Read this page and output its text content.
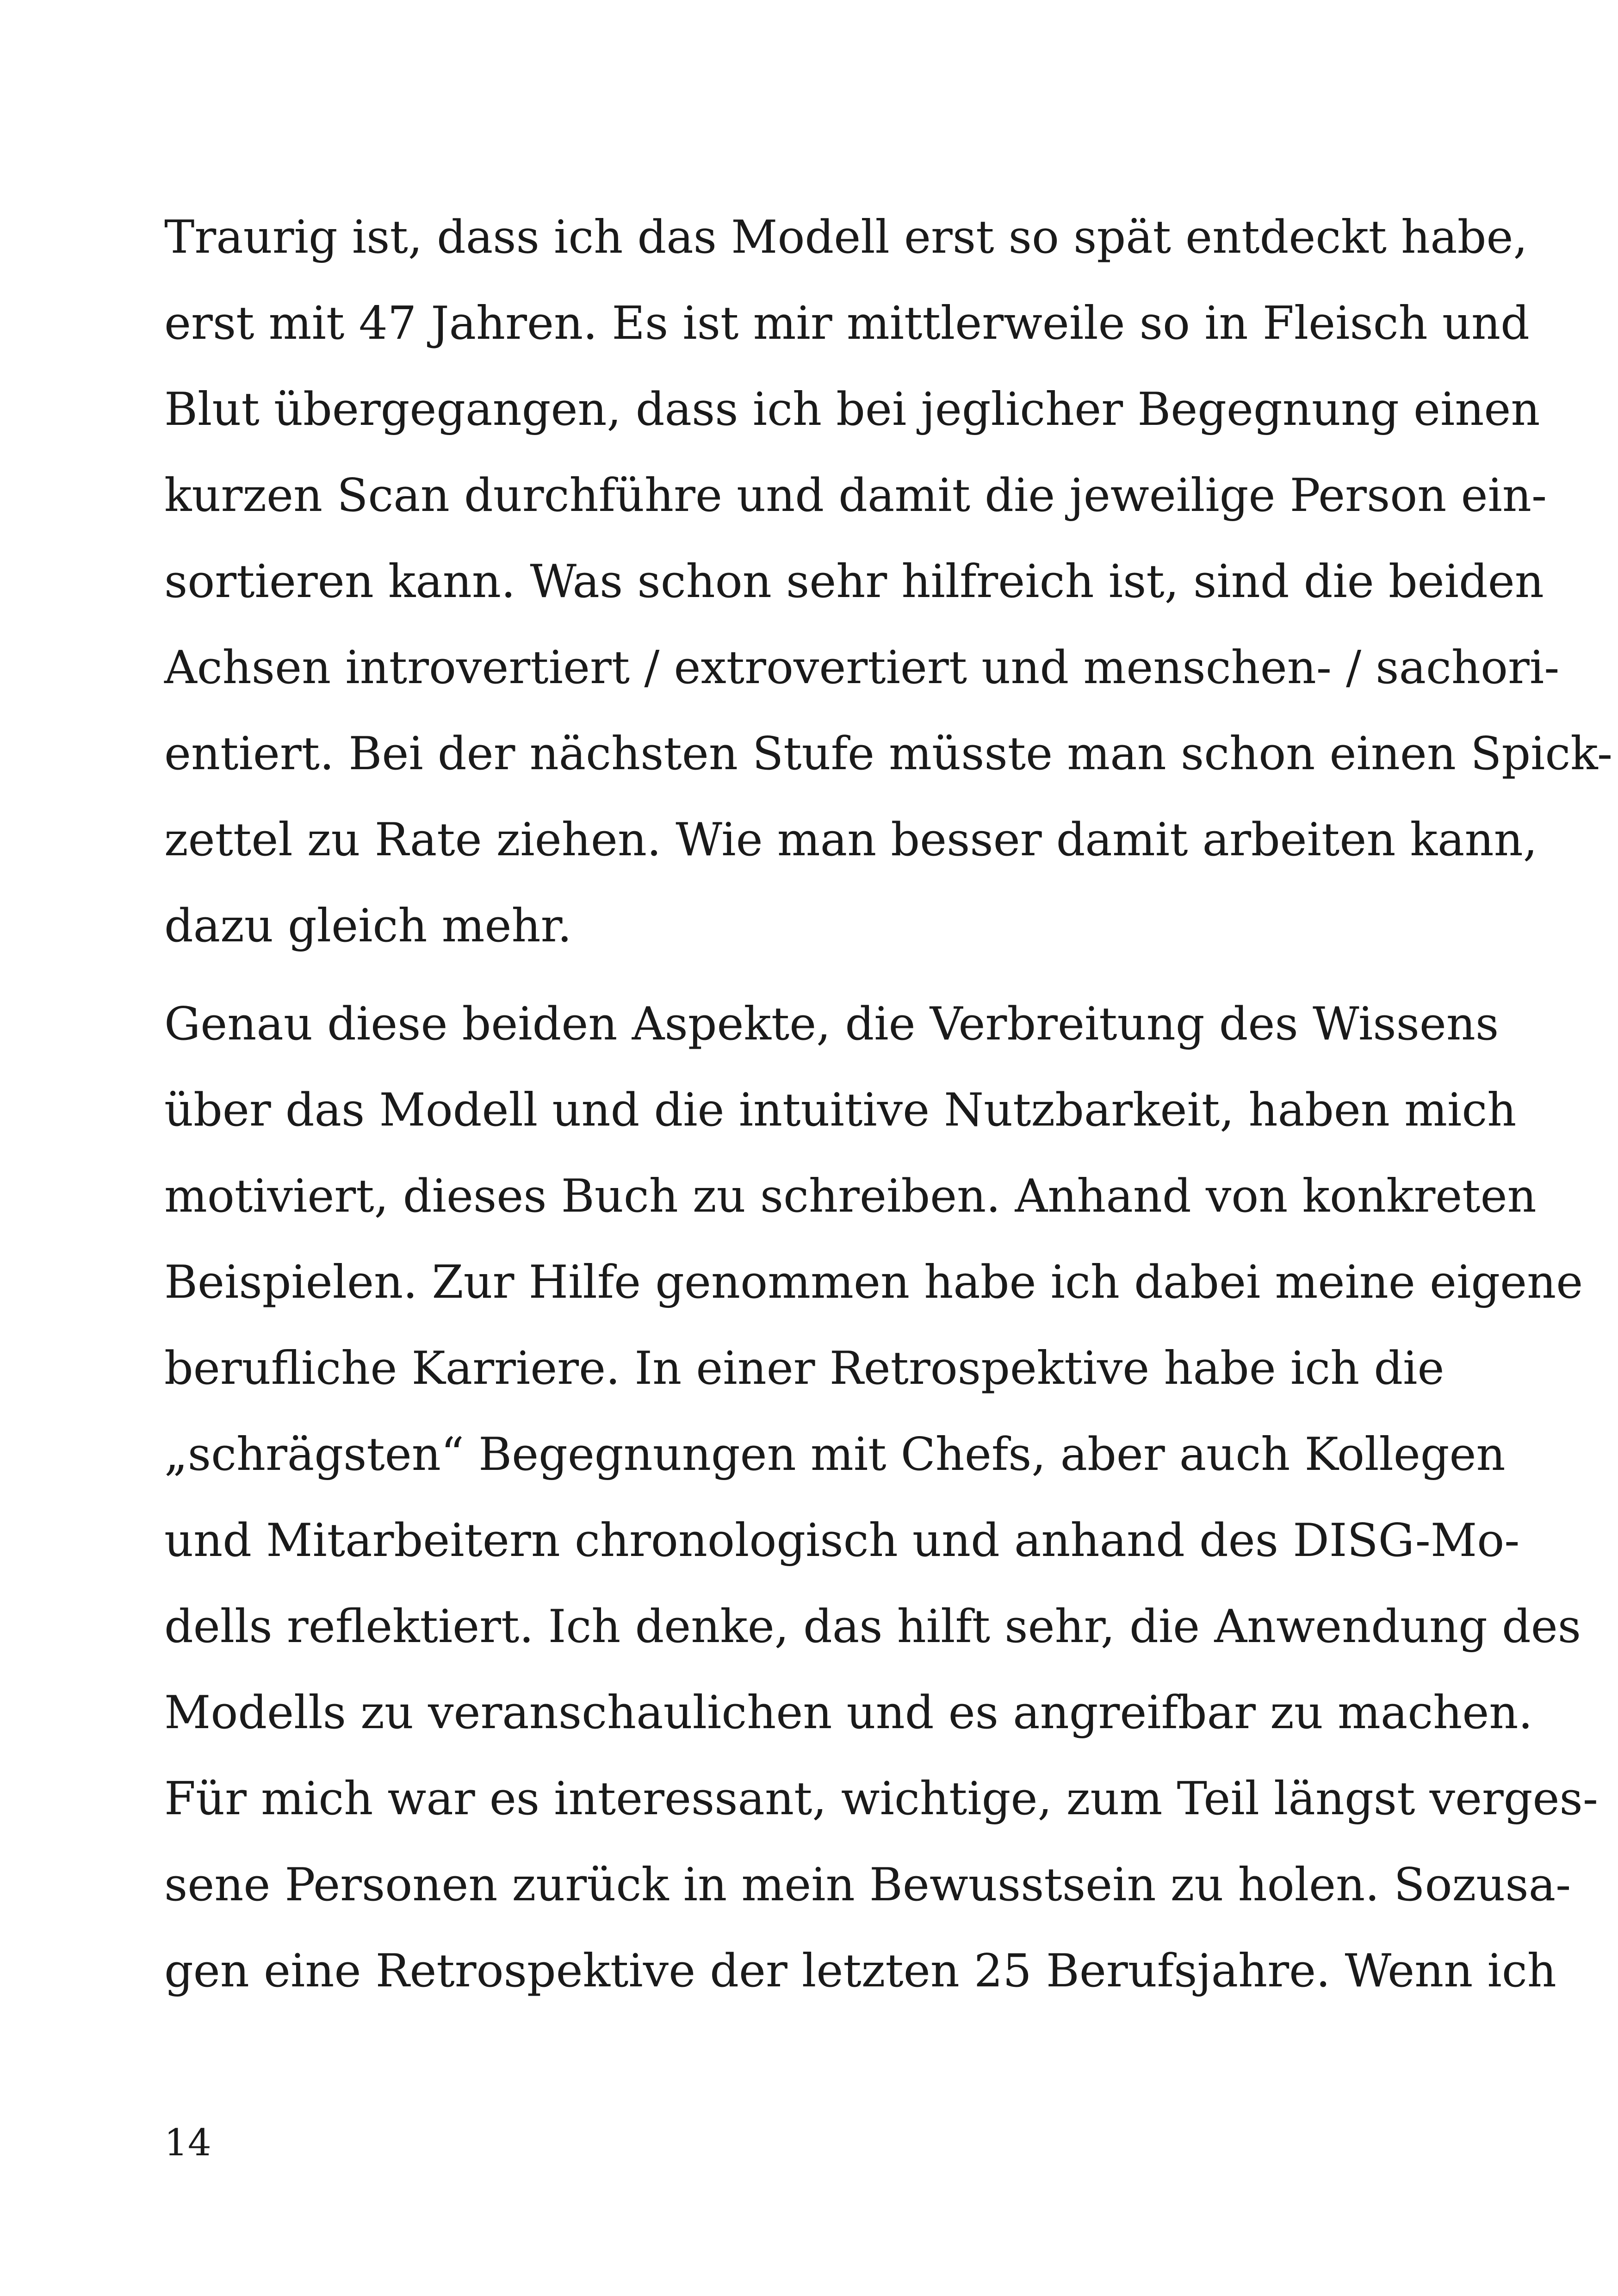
Traurig ist, dass ich das Modell erst so spät entdeckt habe,
erst mit 47 Jahren. Es ist mir mittlerweile so in Fleisch und
Blut übergegangen, dass ich bei jeglicher Begegnung einen
kurzen Scan durchführe und damit die jeweilige Person ein-
sortieren kann. Was schon sehr hilfreich ist, sind die beiden
Achsen introvertiert / extrovertiert und menschen- / sachori-
entiert. Bei der nächsten Stufe müsste man schon einen Spick-
zettel zu Rate ziehen. Wie man besser damit arbeiten kann,
dazu gleich mehr.
Genau diese beiden Aspekte, die Verbreitung des Wissens
über das Modell und die intuitive Nutzbarkeit, haben mich
motiviert, dieses Buch zu schreiben. Anhand von konkreten
Beispielen. Zur Hilfe genommen habe ich dabei meine eigene
berufliche Karriere. In einer Retrospektive habe ich die
„schrägsten“ Begegnungen mit Chefs, aber auch Kollegen
und Mitarbeitern chronologisch und anhand des DISG-Mo-
dells reflektiert. Ich denke, das hilft sehr, die Anwendung des
Modells zu veranschaulichen und es angreifbar zu machen.
Für mich war es interessant, wichtige, zum Teil längst verges-
sene Personen zurück in mein Bewusstsein zu holen. Sozusa-
gen eine Retrospektive der letzten 25 Berufsjahre. Wenn ich
14
